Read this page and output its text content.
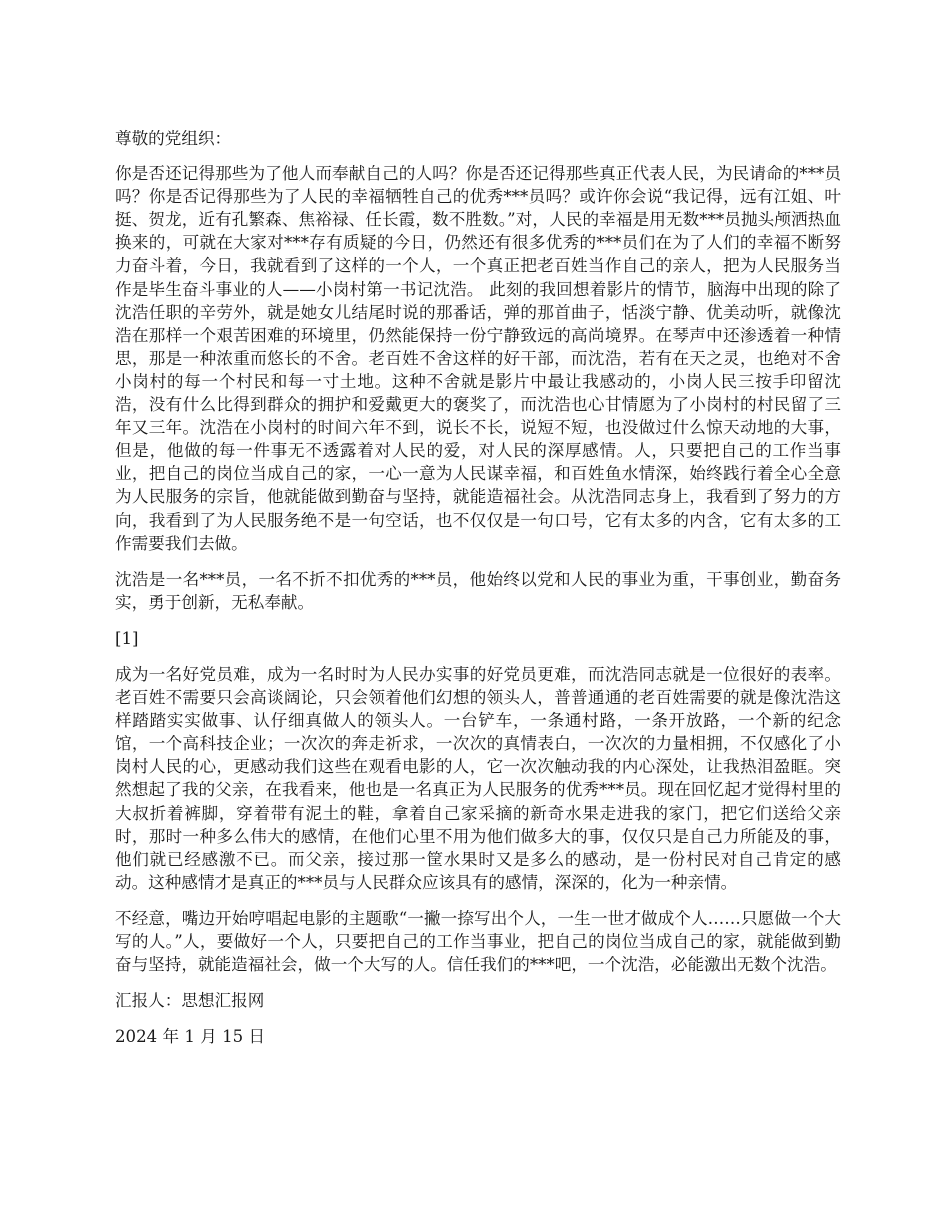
尊敬的党组织：

你是否还记得那些为了他人而奉献自己的人吗？你是否还记得那些真正代表人民，为民请命的***员吗？你是否记得那些为了人民的幸福牺牲自己的优秀***员吗？或许你会说“我记得，远有江姐、叶挺、贺龙，近有孔繁森、焦裕禄、任长霞，数不胜数。”对，人民的幸福是用无数***员抛头颅洒热血换来的，可就在大家对***存有质疑的今日，仍然还有很多优秀的***员们在为了人们的幸福不断努力奋斗着，今日，我就看到了这样的一个人，一个真正把老百姓当作自己的亲人，把为人民服务当作是毕生奋斗事业的人——小岗村第一书记沈浩。 此刻的我回想着影片的情节，脑海中出现的除了沈浩任职的辛劳外，就是她女儿结尾时说的那番话，弹的那首曲子，恬淡宁静、优美动听，就像沈浩在那样一个艰苦困难的环境里，仍然能保持一份宁静致远的高尚境界。在琴声中还渗透着一种情思，那是一种浓重而悠长的不舍。老百姓不舍这样的好干部，而沈浩，若有在天之灵，也绝对不舍小岗村的每一个村民和每一寸土地。这种不舍就是影片中最让我感动的，小岗人民三按手印留沈浩，没有什么比得到群众的拥护和爱戴更大的褒奖了，而沈浩也心甘情愿为了小岗村的村民留了三年又三年。沈浩在小岗村的时间六年不到，说长不长，说短不短，也没做过什么惊天动地的大事，但是，他做的每一件事无不透露着对人民的爱，对人民的深厚感情。人，只要把自己的工作当事业，把自己的岗位当成自己的家，一心一意为人民谋幸福，和百姓鱼水情深，始终践行着全心全意为人民服务的宗旨，他就能做到勤奋与坚持，就能造福社会。从沈浩同志身上，我看到了努力的方向，我看到了为人民服务绝不是一句空话，也不仅仅是一句口号，它有太多的内含，它有太多的工作需要我们去做。

沈浩是一名***员，一名不折不扣优秀的***员，他始终以党和人民的事业为重，干事创业，勤奋务实，勇于创新，无私奉献。

[1]

成为一名好党员难，成为一名时时为人民办实事的好党员更难，而沈浩同志就是一位很好的表率。老百姓不需要只会高谈阔论，只会领着他们幻想的领头人，普普通通的老百姓需要的就是像沈浩这样踏踏实实做事、认仔细真做人的领头人。一台铲车，一条通村路，一条开放路，一个新的纪念馆，一个高科技企业；一次次的奔走祈求，一次次的真情表白，一次次的力量相拥，不仅感化了小岗村人民的心，更感动我们这些在观看电影的人，它一次次触动我的内心深处，让我热泪盈眶。突然想起了我的父亲，在我看来，他也是一名真正为人民服务的优秀***员。现在回忆起才觉得村里的大叔折着裤脚，穿着带有泥土的鞋，拿着自己家采摘的新奇水果走进我的家门，把它们送给父亲时，那时一种多么伟大的感情，在他们心里不用为他们做多大的事，仅仅只是自己力所能及的事，他们就已经感激不已。而父亲，接过那一筐水果时又是多么的感动，是一份村民对自己肯定的感动。这种感情才是真正的***员与人民群众应该具有的感情，深深的，化为一种亲情。

不经意，嘴边开始哼唱起电影的主题歌“一撇一捺写出个人，一生一世才做成个人……只愿做一个大写的人。”人，要做好一个人，只要把自己的工作当事业，把自己的岗位当成自己的家，就能做到勤奋与坚持，就能造福社会，做一个大写的人。信任我们的***吧，一个沈浩，必能激出无数个沈浩。

汇报人：思想汇报网

2024 年 1 月 15 日
